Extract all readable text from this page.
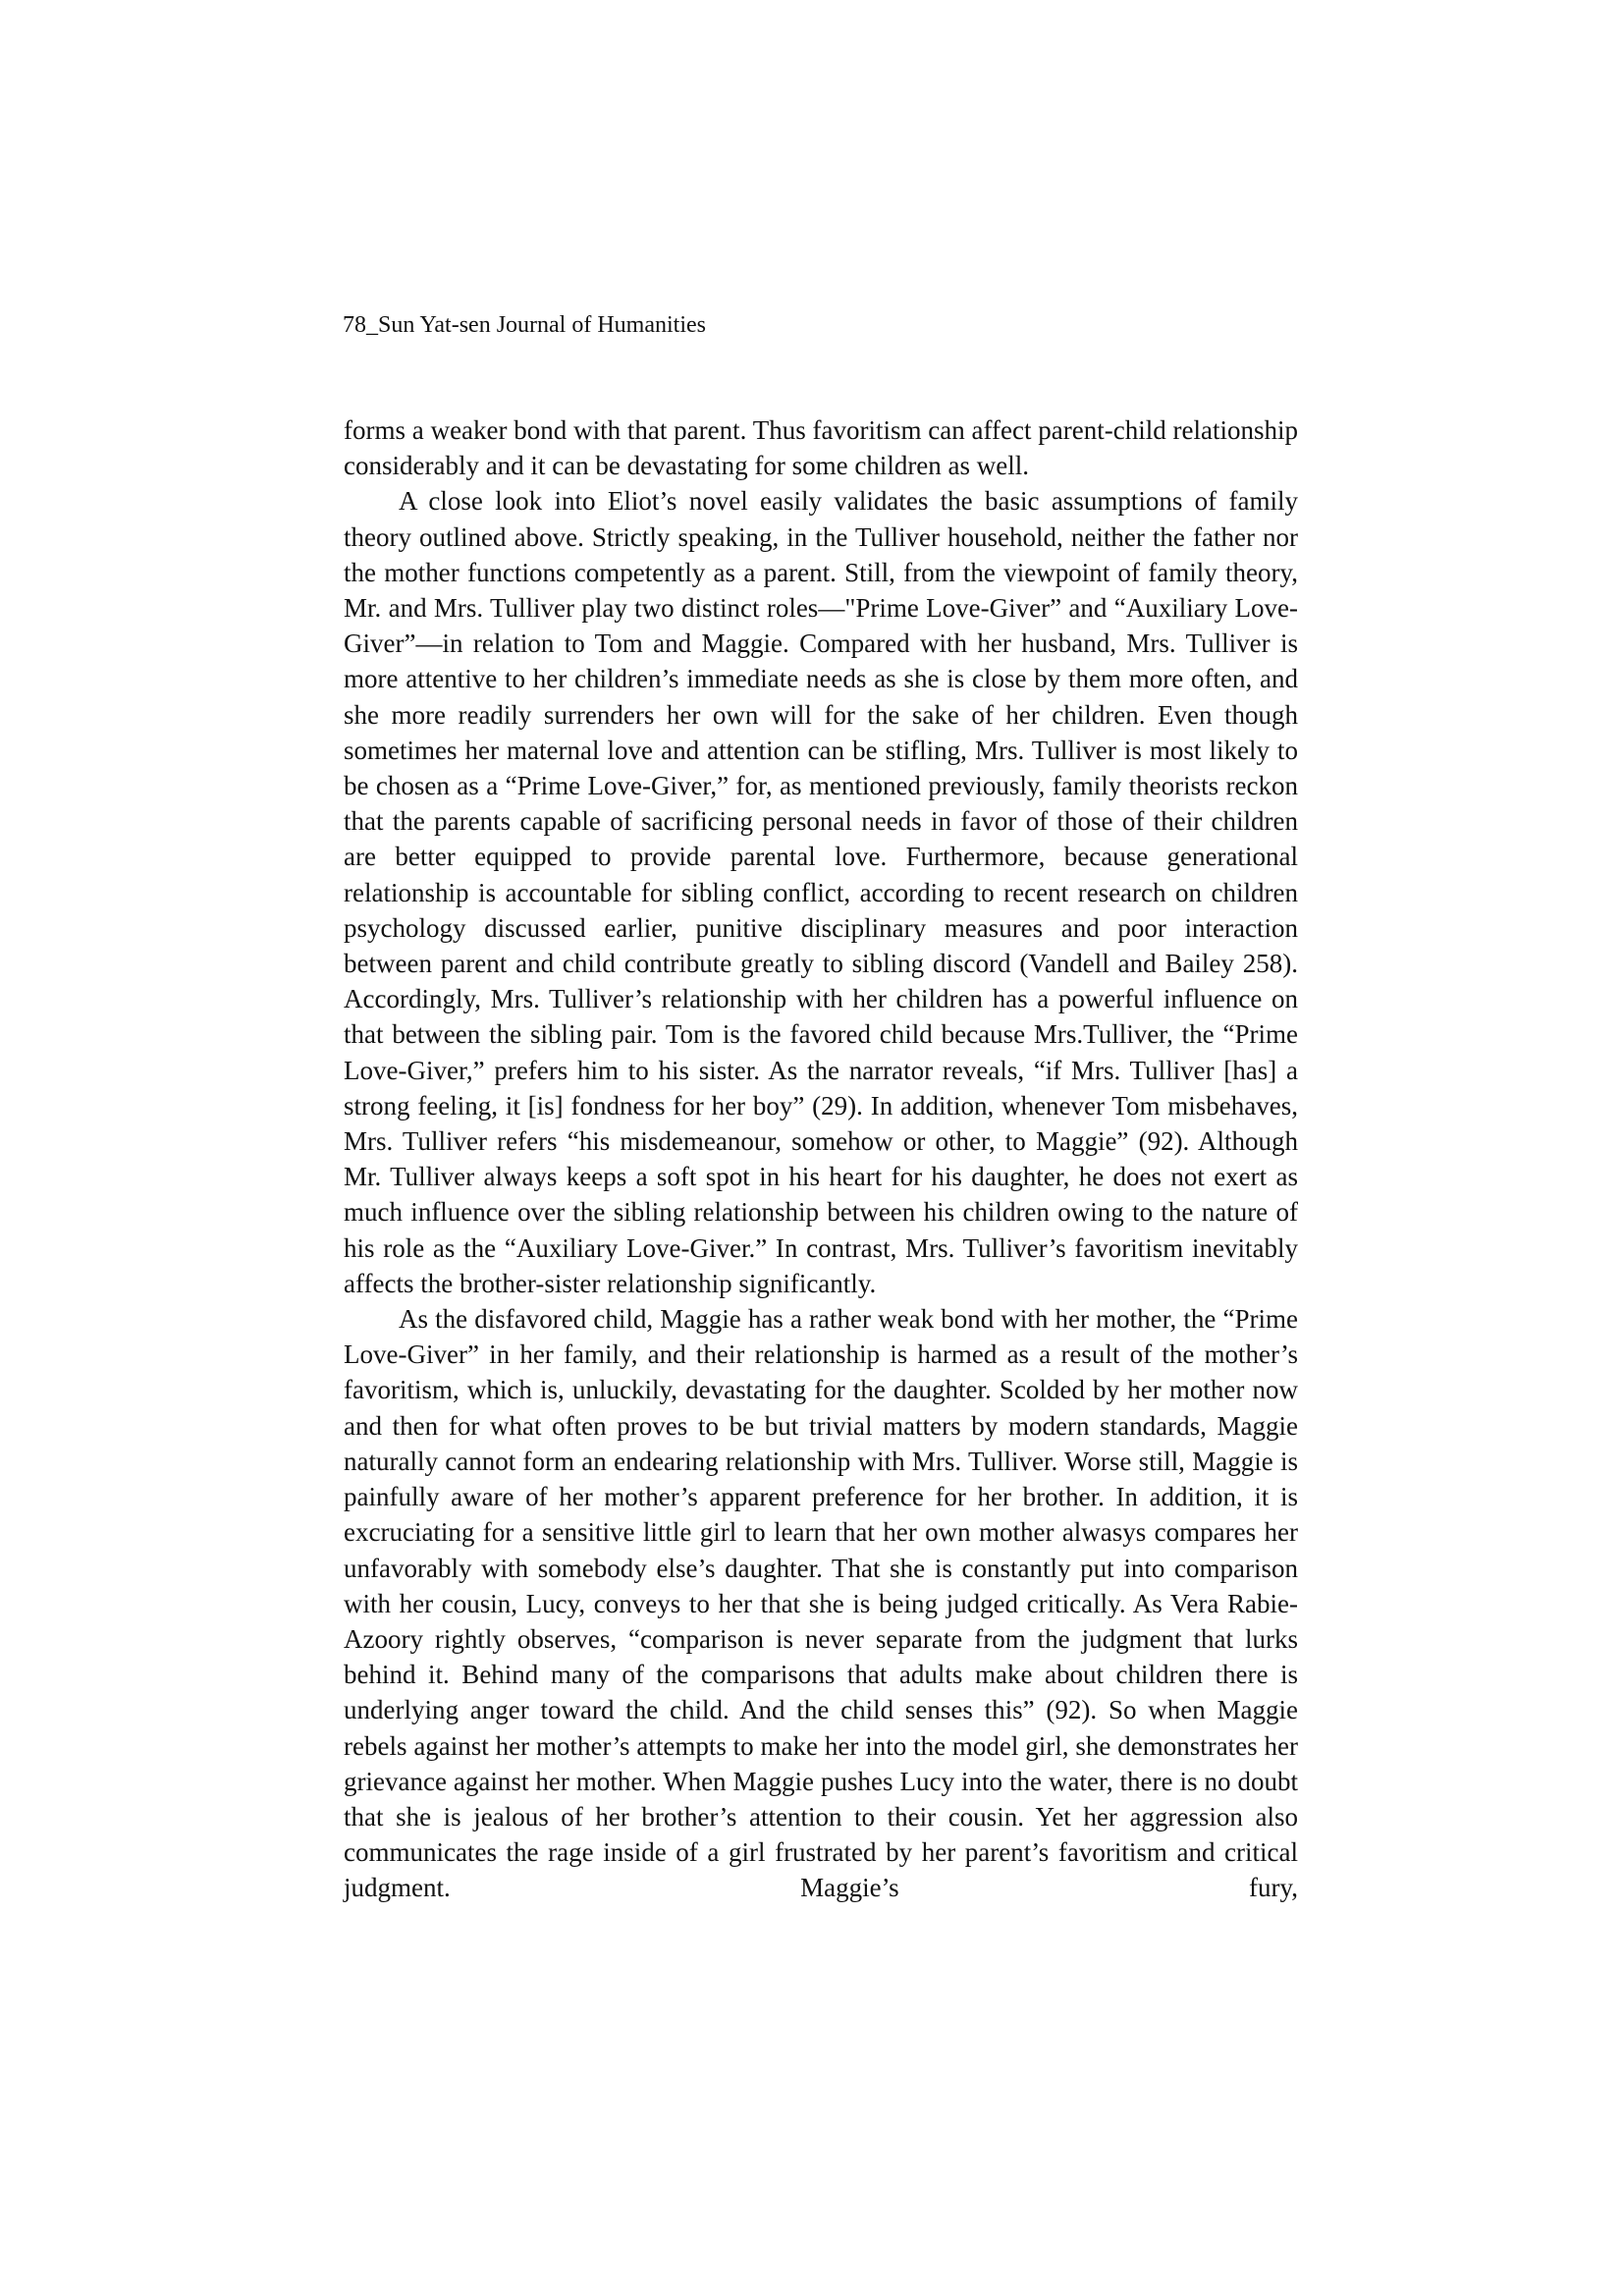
78_Sun Yat-sen Journal of Humanities

forms a weaker bond with that parent. Thus favoritism can affect parent-child relationship considerably and it can be devastating for some children as well.

A close look into Eliot’s novel easily validates the basic assumptions of family theory outlined above. Strictly speaking, in the Tulliver household, neither the father nor the mother functions competently as a parent. Still, from the viewpoint of family theory, Mr. and Mrs. Tulliver play two distinct roles—"Prime Love-Giver” and “Auxiliary Love-Giver”—in relation to Tom and Maggie. Compared with her husband, Mrs. Tulliver is more attentive to her children’s immediate needs as she is close by them more often, and she more readily surrenders her own will for the sake of her children. Even though sometimes her maternal love and attention can be stifling, Mrs. Tulliver is most likely to be chosen as a “Prime Love-Giver,” for, as mentioned previously, family theorists reckon that the parents capable of sacrificing personal needs in favor of those of their children are better equipped to provide parental love. Furthermore, because generational relationship is accountable for sibling conflict, according to recent research on children psychology discussed earlier, punitive disciplinary measures and poor interaction between parent and child contribute greatly to sibling discord (Vandell and Bailey 258). Accordingly, Mrs. Tulliver’s relationship with her children has a powerful influence on that between the sibling pair. Tom is the favored child because Mrs.Tulliver, the “Prime Love-Giver,” prefers him to his sister. As the narrator reveals, “if Mrs. Tulliver [has] a strong feeling, it [is] fondness for her boy” (29). In addition, whenever Tom misbehaves, Mrs. Tulliver refers “his misdemeanour, somehow or other, to Maggie” (92). Although Mr. Tulliver always keeps a soft spot in his heart for his daughter, he does not exert as much influence over the sibling relationship between his children owing to the nature of his role as the “Auxiliary Love-Giver.” In contrast, Mrs. Tulliver’s favoritism inevitably affects the brother-sister relationship significantly.

As the disfavored child, Maggie has a rather weak bond with her mother, the “Prime Love-Giver” in her family, and their relationship is harmed as a result of the mother’s favoritism, which is, unluckily, devastating for the daughter. Scolded by her mother now and then for what often proves to be but trivial matters by modern standards, Maggie naturally cannot form an endearing relationship with Mrs. Tulliver. Worse still, Maggie is painfully aware of her mother’s apparent preference for her brother. In addition, it is excruciating for a sensitive little girl to learn that her own mother alwasys compares her unfavorably with somebody else’s daughter. That she is constantly put into comparison with her cousin, Lucy, conveys to her that she is being judged critically. As Vera Rabie-Azoory rightly observes, “comparison is never separate from the judgment that lurks behind it. Behind many of the comparisons that adults make about children there is underlying anger toward the child. And the child senses this” (92). So when Maggie rebels against her mother’s attempts to make her into the model girl, she demonstrates her grievance against her mother. When Maggie pushes Lucy into the water, there is no doubt that she is jealous of her brother’s attention to their cousin. Yet her aggression also communicates the rage inside of a girl frustrated by her parent’s favoritism and critical judgment. Maggie’s fury,
